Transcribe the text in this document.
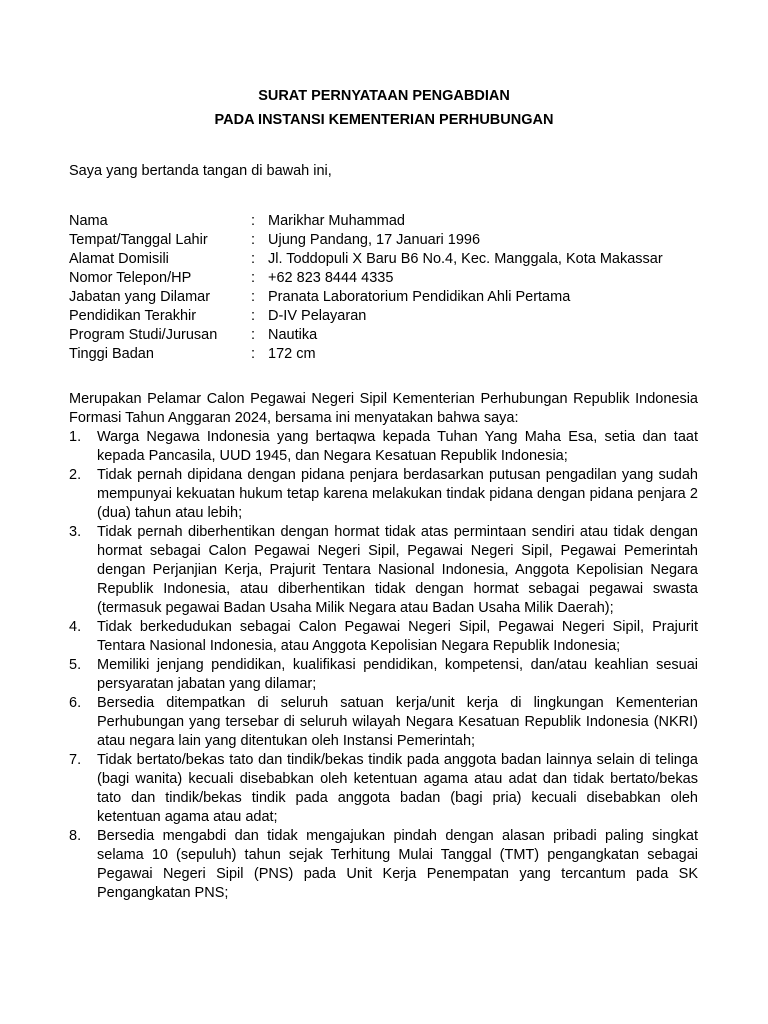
SURAT PERNYATAAN PENGABDIAN
PADA INSTANSI KEMENTERIAN PERHUBUNGAN
Saya yang bertanda tangan di bawah ini,
Nama	: Marikhar Muhammad
Tempat/Tanggal Lahir	: Ujung Pandang, 17 Januari 1996
Alamat Domisili	: Jl. Toddopuli X Baru B6 No.4, Kec. Manggala, Kota Makassar
Nomor Telepon/HP	: +62 823 8444 4335
Jabatan yang Dilamar	: Pranata Laboratorium Pendidikan Ahli Pertama
Pendidikan Terakhir	: D-IV Pelayaran
Program Studi/Jurusan : Nautika
Tinggi Badan	: 172 cm
Merupakan Pelamar Calon Pegawai Negeri Sipil Kementerian Perhubungan Republik Indonesia Formasi Tahun Anggaran 2024, bersama ini menyatakan bahwa saya:
1. Warga Negawa Indonesia yang bertaqwa kepada Tuhan Yang Maha Esa, setia dan taat kepada Pancasila, UUD 1945, dan Negara Kesatuan Republik Indonesia;
2. Tidak pernah dipidana dengan pidana penjara berdasarkan putusan pengadilan yang sudah mempunyai kekuatan hukum tetap karena melakukan tindak pidana dengan pidana penjara 2 (dua) tahun atau lebih;
3. Tidak pernah diberhentikan dengan hormat tidak atas permintaan sendiri atau tidak dengan hormat sebagai Calon Pegawai Negeri Sipil, Pegawai Negeri Sipil, Pegawai Pemerintah dengan Perjanjian Kerja, Prajurit Tentara Nasional Indonesia, Anggota Kepolisian Negara Republik Indonesia, atau diberhentikan tidak dengan hormat sebagai pegawai swasta (termasuk pegawai Badan Usaha Milik Negara atau Badan Usaha Milik Daerah);
4. Tidak berkedudukan sebagai Calon Pegawai Negeri Sipil, Pegawai Negeri Sipil, Prajurit Tentara Nasional Indonesia, atau Anggota Kepolisian Negara Republik Indonesia;
5. Memiliki jenjang pendidikan, kualifikasi pendidikan, kompetensi, dan/atau keahlian sesuai persyaratan jabatan yang dilamar;
6. Bersedia ditempatkan di seluruh satuan kerja/unit kerja di lingkungan Kementerian Perhubungan yang tersebar di seluruh wilayah Negara Kesatuan Republik Indonesia (NKRI) atau negara lain yang ditentukan oleh Instansi Pemerintah;
7. Tidak bertato/bekas tato dan tindik/bekas tindik pada anggota badan lainnya selain di telinga (bagi wanita) kecuali disebabkan oleh ketentuan agama atau adat dan tidak bertato/bekas tato dan tindik/bekas tindik pada anggota badan (bagi pria) kecuali disebabkan oleh ketentuan agama atau adat;
8. Bersedia mengabdi dan tidak mengajukan pindah dengan alasan pribadi paling singkat selama 10 (sepuluh) tahun sejak Terhitung Mulai Tanggal (TMT) pengangkatan sebagai Pegawai Negeri Sipil (PNS) pada Unit Kerja Penempatan yang tercantum pada SK Pengangkatan PNS;
